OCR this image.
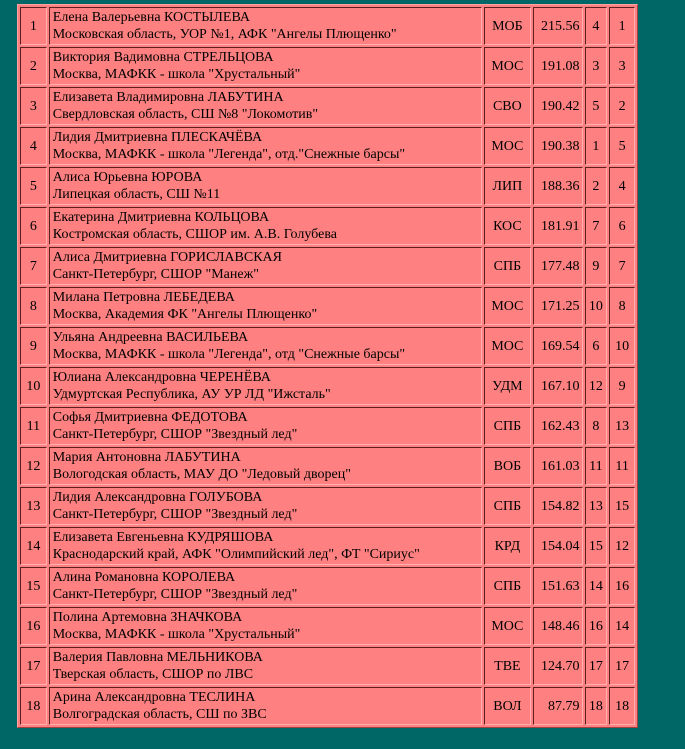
1	Елена Валерьевна КОСТЫЛЕВА
Московская область, УОР №1, АФК "Ангелы Плющенко"	МОБ	215.56	4	1
2	Виктория Вадимовна СТРЕЛЬЦОВА
Москва, МАФКК - школа "Хрустальный"	МОС	191.08	3	3
3	Елизавета Владимировна ЛАБУТИНА
Свердловская область, СШ №8 "Локомотив"	СВО	190.42	5	2
4	Лидия Дмитриевна ПЛЕСКАЧЁВА
Москва, МАФКК - школа "Легенда", отд."Снежные барсы"	МОС	190.38	1	5
5	Алиса Юрьевна ЮРОВА
Липецкая область, СШ №11	ЛИП	188.36	2	4
6	Екатерина Дмитриевна КОЛЬЦОВА
Костромская область, СШОР им. А.В. Голубева	КОС	181.91	7	6
7	Алиса Дмитриевна ГОРИСЛАВСКАЯ
Санкт-Петербург, СШОР "Манеж"	СПБ	177.48	9	7
8	Милана Петровна ЛЕБЕДЕВА
Москва, Академия ФК "Ангелы Плющенко"	МОС	171.25	10	8
9	Ульяна Андреевна ВАСИЛЬЕВА
Москва, МАФКК - школа "Легенда", отд "Снежные барсы"	МОС	169.54	6	10
10	Юлиана Александровна ЧЕРЕНЁВА
Удмуртская Республика, АУ УР ЛД "Ижсталь"	УДМ	167.10	12	9
11	Софья Дмитриевна ФЕДОТОВА
Санкт-Петербург, СШОР "Звездный лед"	СПБ	162.43	8	13
12	Мария Антоновна ЛАБУТИНА
Вологодская область, МАУ ДО "Ледовый дворец"	ВОБ	161.03	11	11
13	Лидия Александровна ГОЛУБОВА
Санкт-Петербург, СШОР "Звездный лед"	СПБ	154.82	13	15
14	Елизавета Евгеньевна КУДРЯШОВА
Краснодарский край, АФК "Олимпийский лед", ФТ "Сириус"	КРД	154.04	15	12
15	Алина Романовна КОРОЛЕВА
Санкт-Петербург, СШОР "Звездный лед"	СПБ	151.63	14	16
16	Полина Артемовна ЗНАЧКОВА
Москва, МАФКК - школа "Хрустальный"	МОС	148.46	16	14
17	Валерия Павловна МЕЛЬНИКОВА
Тверская область, СШОР по ЛВС	ТВЕ	124.70	17	17
18	Арина Александровна ТЕСЛИНА
Волгоградская область, СШ по ЗВС	ВОЛ	87.79	18	18
